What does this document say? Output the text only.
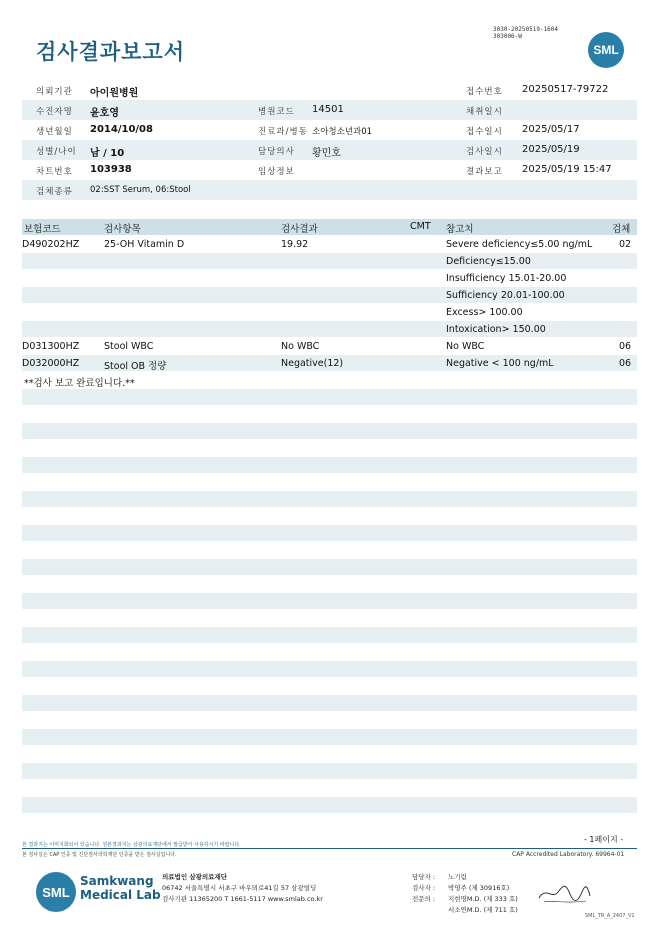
검사결과보고서
3030-20250519-1604
303006-W
SML
의뢰기관 아이원병원	접수번호 20250517-79722
수진자명 윤호영	병원코드 14501	채취일시
생년월일 2014/10/08	진료과/병동 소아청소년과01	접수일시 2025/05/17
성별/나이 남 / 10	담당의사 황민호	검사일시 2025/05/19
차트번호 103938	임상정보	결과보고 2025/05/19 15:47
검체종류 02:SST Serum, 06:Stool
보험코드	검사항목	검사결과	CMT 참고치	검체
D490202HZ	25-OH Vitamin D	19.92	Severe deficiency≤5.00 ng/mL	02
Deficiency≤15.00
Insufficiency 15.01-20.00
Sufficiency 20.01-100.00
Excess> 100.00
Intoxication> 150.00
D031300HZ	Stool WBC	No WBC	No WBC	06
D032000HZ	Stool OB 정량	Negative(12)	Negative < 100 ng/mL	06
**검사 보고 완료입니다.**
본 결과지는 이미지화되어 있습니다. 원본결과지는 삼광의료재단에서 발급받아 사용하시기 바랍니다.
본 검사실은 CAP 인증 및 진단검사의학재단 인증을 받은 검사실입니다.
- 1페이지 -
CAP Accredited Laboratory. 69964-01
SML
Samkwang
Medical Lab
의료법인 삼광의료재단
06742 서울특별시 서초구 바우뫼로41길 57 삼광빌딩
검사기관 11365200 T 1661-5117 www.smlab.co.kr
담당자 : 노기림
검사자 : 박영주 (제 30916호)
전문의 : 지현명M.D. (제 333 호)
서소연M.D. (제 711 호)
SML_TR_A_2407_V1
